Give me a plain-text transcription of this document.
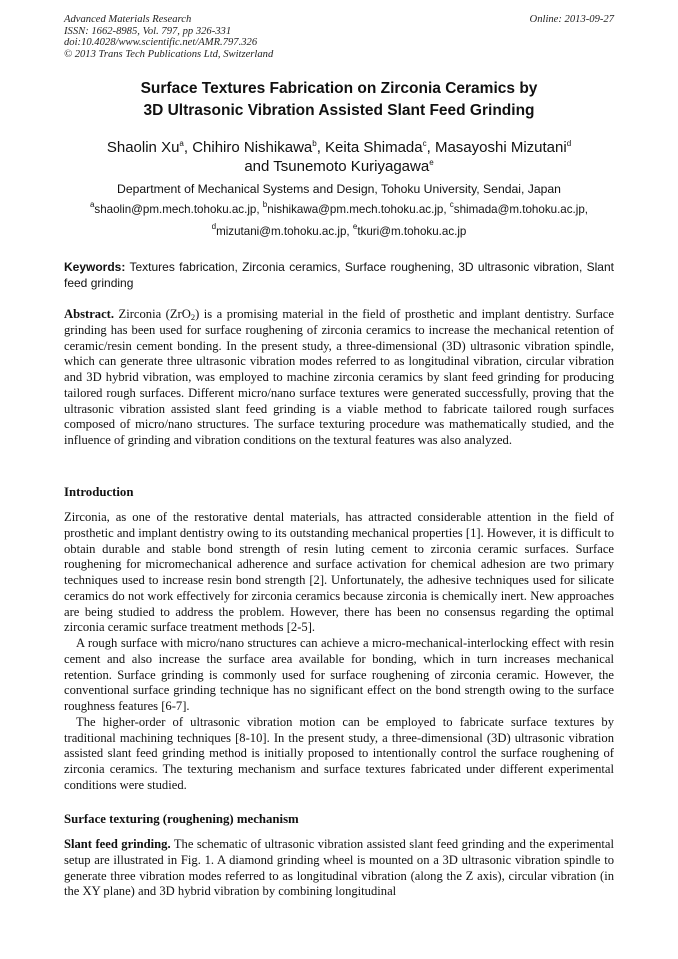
Advanced Materials Research
ISSN: 1662-8985, Vol. 797, pp 326-331
doi:10.4028/www.scientific.net/AMR.797.326
© 2013 Trans Tech Publications Ltd, Switzerland
Online: 2013-09-27
Surface Textures Fabrication on Zirconia Ceramics by
3D Ultrasonic Vibration Assisted Slant Feed Grinding
Shaolin Xu$^a$, Chihiro Nishikawa$^b$, Keita Shimada$^c$, Masayoshi Mizutani$^d$
and Tsunemoto Kuriyagawa$^e$
Department of Mechanical Systems and Design, Tohoku University, Sendai, Japan
$^a$shaolin@pm.mech.tohoku.ac.jp, $^b$nishikawa@pm.mech.tohoku.ac.jp, $^c$shimada@m.tohoku.ac.jp,
$^d$mizutani@m.tohoku.ac.jp, $^e$tkuri@m.tohoku.ac.jp
Keywords: Textures fabrication, Zirconia ceramics, Surface roughening, 3D ultrasonic vibration, Slant feed grinding

Abstract. Zirconia (ZrO$_2$) is a promising material in the field of prosthetic and implant dentistry. Surface grinding has been used for surface roughening of zirconia ceramics to increase the mechanical retention of ceramic/resin cement bonding. In the present study, a three-dimensional (3D) ultrasonic vibration spindle, which can generate three ultrasonic vibration modes referred to as longitudinal vibration, circular vibration and 3D hybrid vibration, was employed to machine zirconia ceramics by slant feed grinding for producing tailored rough surfaces. Different micro/nano surface textures were generated successfully, proving that the ultrasonic vibration assisted slant feed grinding is a viable method to fabricate tailored rough surfaces composed of micro/nano structures. The surface texturing procedure was mathematically studied, and the influence of grinding and vibration conditions on the textural features was also analyzed.

Introduction

Zirconia, as one of the restorative dental materials, has attracted considerable attention in the field of prosthetic and implant dentistry owing to its outstanding mechanical properties [1]. However, it is difficult to obtain durable and stable bond strength of resin luting cement to zirconia ceramic surfaces. Surface roughening for micromechanical adherence and surface activation for chemical adhesion are two primary techniques used to increase resin bond strength [2]. Unfortunately, the adhesive techniques used for silicate ceramics do not work effectively for zirconia ceramics because zirconia is chemically inert. New approaches are being studied to address the problem. However, there has been no consensus regarding the optimal zirconia ceramic surface treatment methods [2-5].

A rough surface with micro/nano structures can achieve a micro-mechanical-interlocking effect with resin cement and also increase the surface area available for bonding, which in turn increases mechanical retention. Surface grinding is commonly used for surface roughening of zirconia ceramic. However, the conventional surface grinding technique has no significant effect on the bond strength owing to the surface roughness features [6-7].

The higher-order of ultrasonic vibration motion can be employed to fabricate surface textures by traditional machining techniques [8-10]. In the present study, a three-dimensional (3D) ultrasonic vibration assisted slant feed grinding method is initially proposed to intentionally control the surface roughening of zirconia ceramics. The texturing mechanism and surface textures fabricated under different experimental conditions were studied.

Surface texturing (roughening) mechanism

Slant feed grinding. The schematic of ultrasonic vibration assisted slant feed grinding and the experimental setup are illustrated in Fig. 1. A diamond grinding wheel is mounted on a 3D ultrasonic vibration spindle to generate three vibration modes referred to as longitudinal vibration (along the Z axis), circular vibration (in the XY plane) and 3D hybrid vibration by combining longitudinal
